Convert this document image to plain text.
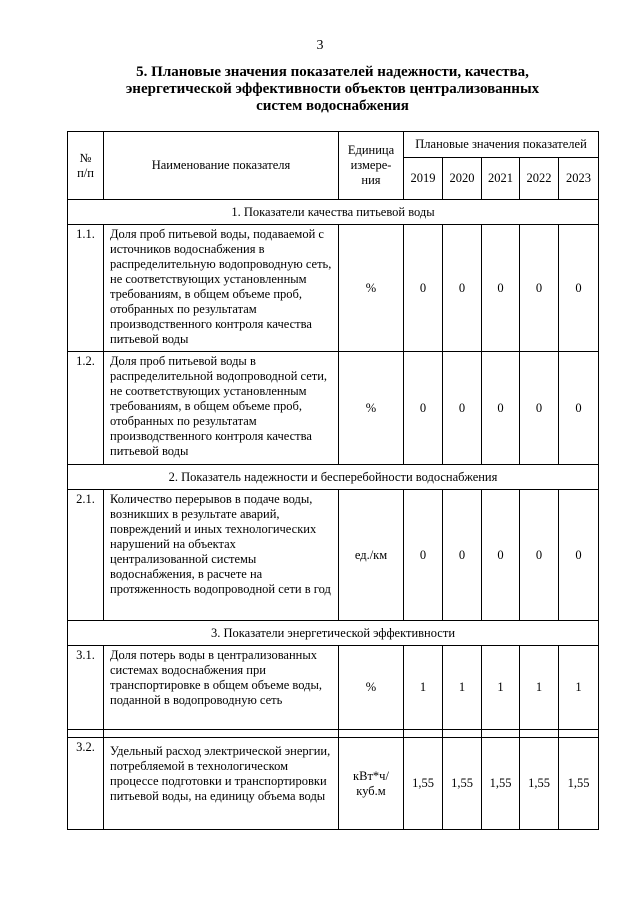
3
5. Плановые значения показателей надежности, качества,
энергетической эффективности объектов централизованных
систем водоснабжения
№ п/п	Наименование показателя	Единица измере-ния	Плановые значения показателей				
			2019	2020	2021	2022	2023
1. Показатели качества питьевой воды							
1.1.	Доля проб питьевой воды, подаваемой с источников водоснабжения в распределительную водопроводную сеть, не соответствующих установленным требованиям, в общем объеме проб, отобранных по результатам производственного контроля качества питьевой воды	%	0	0	0	0	0
1.2.	Доля проб питьевой воды в распределительной водопроводной сети, не соответствующих установленным требованиям, в общем объеме проб, отобранных по результатам производственного контроля качества питьевой воды	%	0	0	0	0	0
2. Показатель надежности и бесперебойности водоснабжения							
2.1.	Количество перерывов в подаче воды, возникших в результате аварий, повреждений и иных технологических нарушений на объектах централизованной системы водоснабжения, в расчете на протяженность водопроводной сети в год	ед./км	0	0	0	0	0
3. Показатели энергетической эффективности							
3.1.	Доля потерь воды в централизованных системах водоснабжения при транспортировке в общем объеме воды, поданной в водопроводную сеть	%	1	1	1	1	1

3.2.	Удельный расход электрической энергии, потребляемой в технологическом процессе подготовки и транспортировки питьевой воды, на единицу объема воды	кВт*ч/ куб.м	1,55	1,55	1,55	1,55	1,55
